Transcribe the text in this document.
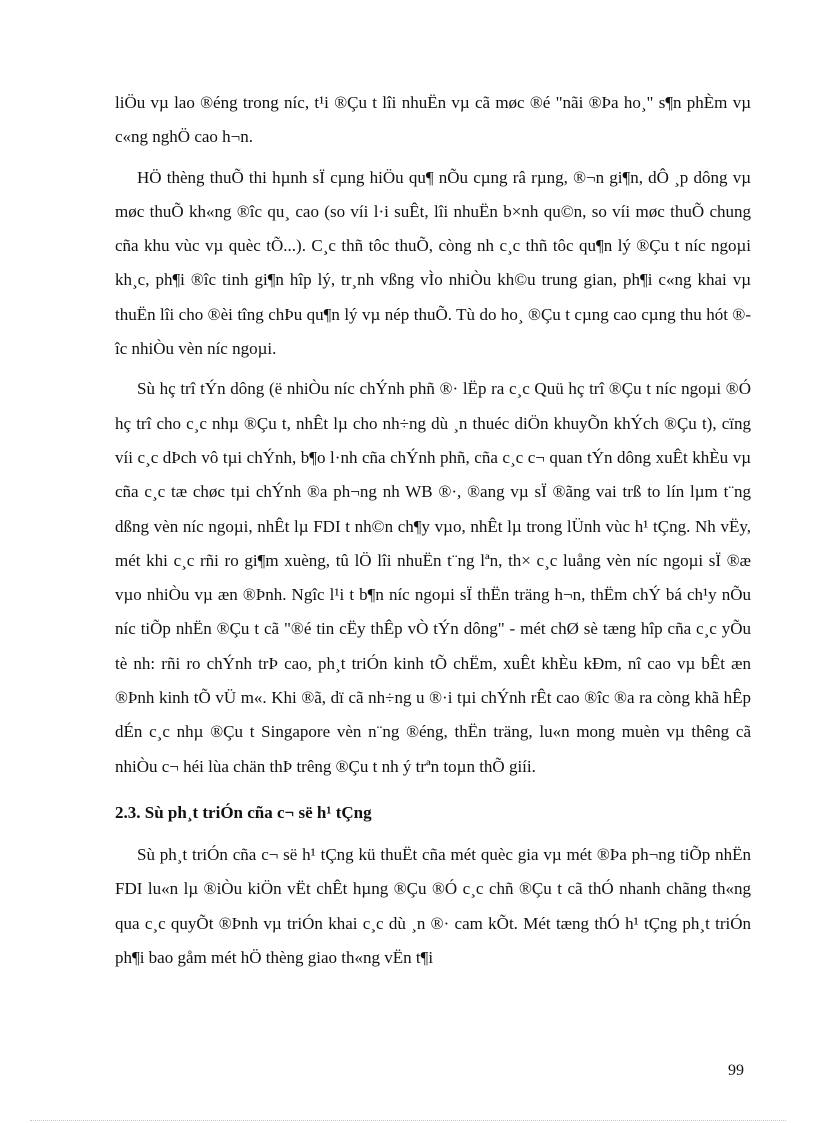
liÖu vµ lao ®éng trong níc, t¹i ®Çu t lîi nhuËn vµ cã møc ®é "nãi ®Þa ho¸" s¶n phÈm vµ c«ng nghÖ cao h¬n.

HÖ thèng thuÕ thi hµnh sÏ cµng hiÖu qu¶ nÕu cµng râ rµng, ®¬n gi¶n, dÔ ¸p dông vµ møc thuÕ kh«ng ®îc qu¸ cao (so víi l·i suÊt, lîi nhuËn b×nh qu©n, so víi møc thuÕ chung cña khu vùc vµ quèc tÕ...). C¸c thñ tôc thuÕ, còng nh c¸c thñ tôc qu¶n lý ®Çu t níc ngoµi kh¸c, ph¶i ®îc tinh gi¶n hîp lý, tr¸nh vßng vÌo nhiÒu kh©u trung gian, ph¶i c«ng khai vµ thuËn lîi cho ®èi tîng chÞu qu¶n lý vµ nép thuÕ. Tù do ho¸ ®Çu t cµng cao cµng thu hót ®îc nhiÒu vèn níc ngoµi.

Sù hç trî tÝn dông (ë nhiÒu níc chÝnh phñ ®· lËp ra c¸c Quü hç trî ®Çu t níc ngoµi ®Ó hç trî cho c¸c nhµ ®Çu t, nhÊt lµ cho nh÷ng dù ¸n thuéc diÖn khuyÕn khÝch ®Çu t), cïng víi c¸c dÞch vô tµi chÝnh, b¶o l·nh cña chÝnh phñ, cña c¸c c¬ quan tÝn dông xuÊt khÈu vµ cña c¸c tæ chøc tµi chÝnh ®a ph¬ng nh WB ®·, ®ang vµ sÏ ®ãng vai trß to lín lµm t¨ng dßng vèn níc ngoµi, nhÊt lµ FDI t nh©n ch¶y vµo, nhÊt lµ trong lÜnh vùc h¹ tÇng. Nh vËy, mét khi c¸c rñi ro gi¶m xuèng, tû lÖ lîi nhuËn t¨ng lªn, th× c¸c luång vèn níc ngoµi sÏ ®æ vµo nhiÒu vµ æn ®Þnh. Ngîc l¹i t b¶n níc ngoµi sÏ thËn träng h¬n, thËm chÝ bá ch¹y nÕu níc tiÕp nhËn ®Çu t cã "®é tin cËy thÊp vÒ tÝn dông" - mét chØ sè tæng hîp cña c¸c yÕu tè nh: rñi ro chÝnh trÞ cao, ph¸t triÓn kinh tÕ chËm, xuÊt khÈu kÐm, nî cao vµ bÊt æn ®Þnh kinh tÕ vÜ m«. Khi ®ã, dï cã nh÷ng u ®·i tµi chÝnh rÊt cao ®îc ®a ra còng khã hÊp dÉn c¸c nhµ ®Çu t Singapore vèn n¨ng ®éng, thËn träng, lu«n mong muèn vµ thêng cã nhiÒu c¬ héi lùa chän thÞ trêng ®Çu t nh ý trªn toµn thÕ giíi.

2.3. Sù ph¸t triÓn cña c¬ së h¹ tÇng

Sù ph¸t triÓn cña c¬ së h¹ tÇng kü thuËt cña mét quèc gia vµ mét ®Þa ph¬ng tiÕp nhËn FDI lu«n lµ ®iÒu kiÖn vËt chÊt hµng ®Çu ®Ó c¸c chñ ®Çu t cã thÓ nhanh chãng th«ng qua c¸c quyÕt ®Þnh vµ triÓn khai c¸c dù ¸n ®· cam kÕt. Mét tæng thÓ h¹ tÇng ph¸t triÓn ph¶i bao gåm mét hÖ thèng giao th«ng vËn t¶i

99
